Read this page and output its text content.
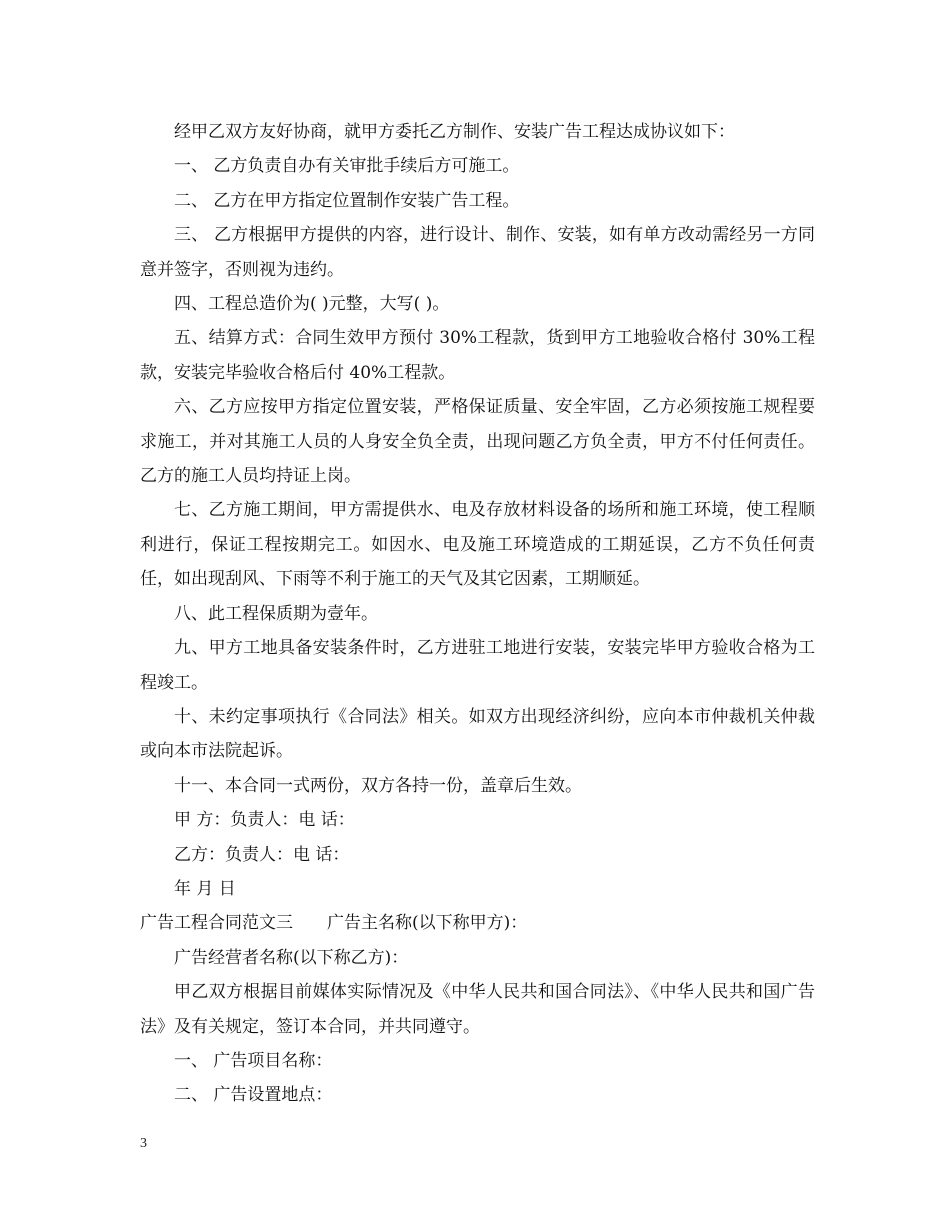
经甲乙双方友好协商，就甲方委托乙方制作、安装广告工程达成协议如下：

一、 乙方负责自办有关审批手续后方可施工。

二、 乙方在甲方指定位置制作安装广告工程。

三、 乙方根据甲方提供的内容，进行设计、制作、安装，如有单方改动需经另一方同意并签字，否则视为违约。

四、工程总造价为( )元整，大写( )。

五、结算方式：合同生效甲方预付 30%工程款，货到甲方工地验收合格付 30%工程款，安装完毕验收合格后付 40%工程款。

六、乙方应按甲方指定位置安装，严格保证质量、安全牢固，乙方必须按施工规程要求施工，并对其施工人员的人身安全负全责，出现问题乙方负全责，甲方不付任何责任。乙方的施工人员均持证上岗。

七、乙方施工期间，甲方需提供水、电及存放材料设备的场所和施工环境，使工程顺利进行，保证工程按期完工。如因水、电及施工环境造成的工期延误，乙方不负任何责任，如出现刮风、下雨等不利于施工的天气及其它因素，工期顺延。

八、此工程保质期为壹年。

九、甲方工地具备安装条件时，乙方进驻工地进行安装，安装完毕甲方验收合格为工程竣工。

十、未约定事项执行《合同法》相关。如双方出现经济纠纷，应向本市仲裁机关仲裁或向本市法院起诉。

十一、本合同一式两份，双方各持一份，盖章后生效。

甲 方：负责人：电 话：

乙方：负责人：电 话：

年 月 日

广告工程合同范文三　　广告主名称(以下称甲方)：

广告经营者名称(以下称乙方)：

甲乙双方根据目前媒体实际情况及《中华人民共和国合同法》、《中华人民共和国广告法》及有关规定，签订本合同，并共同遵守。

一、 广告项目名称：

二、 广告设置地点：

3
